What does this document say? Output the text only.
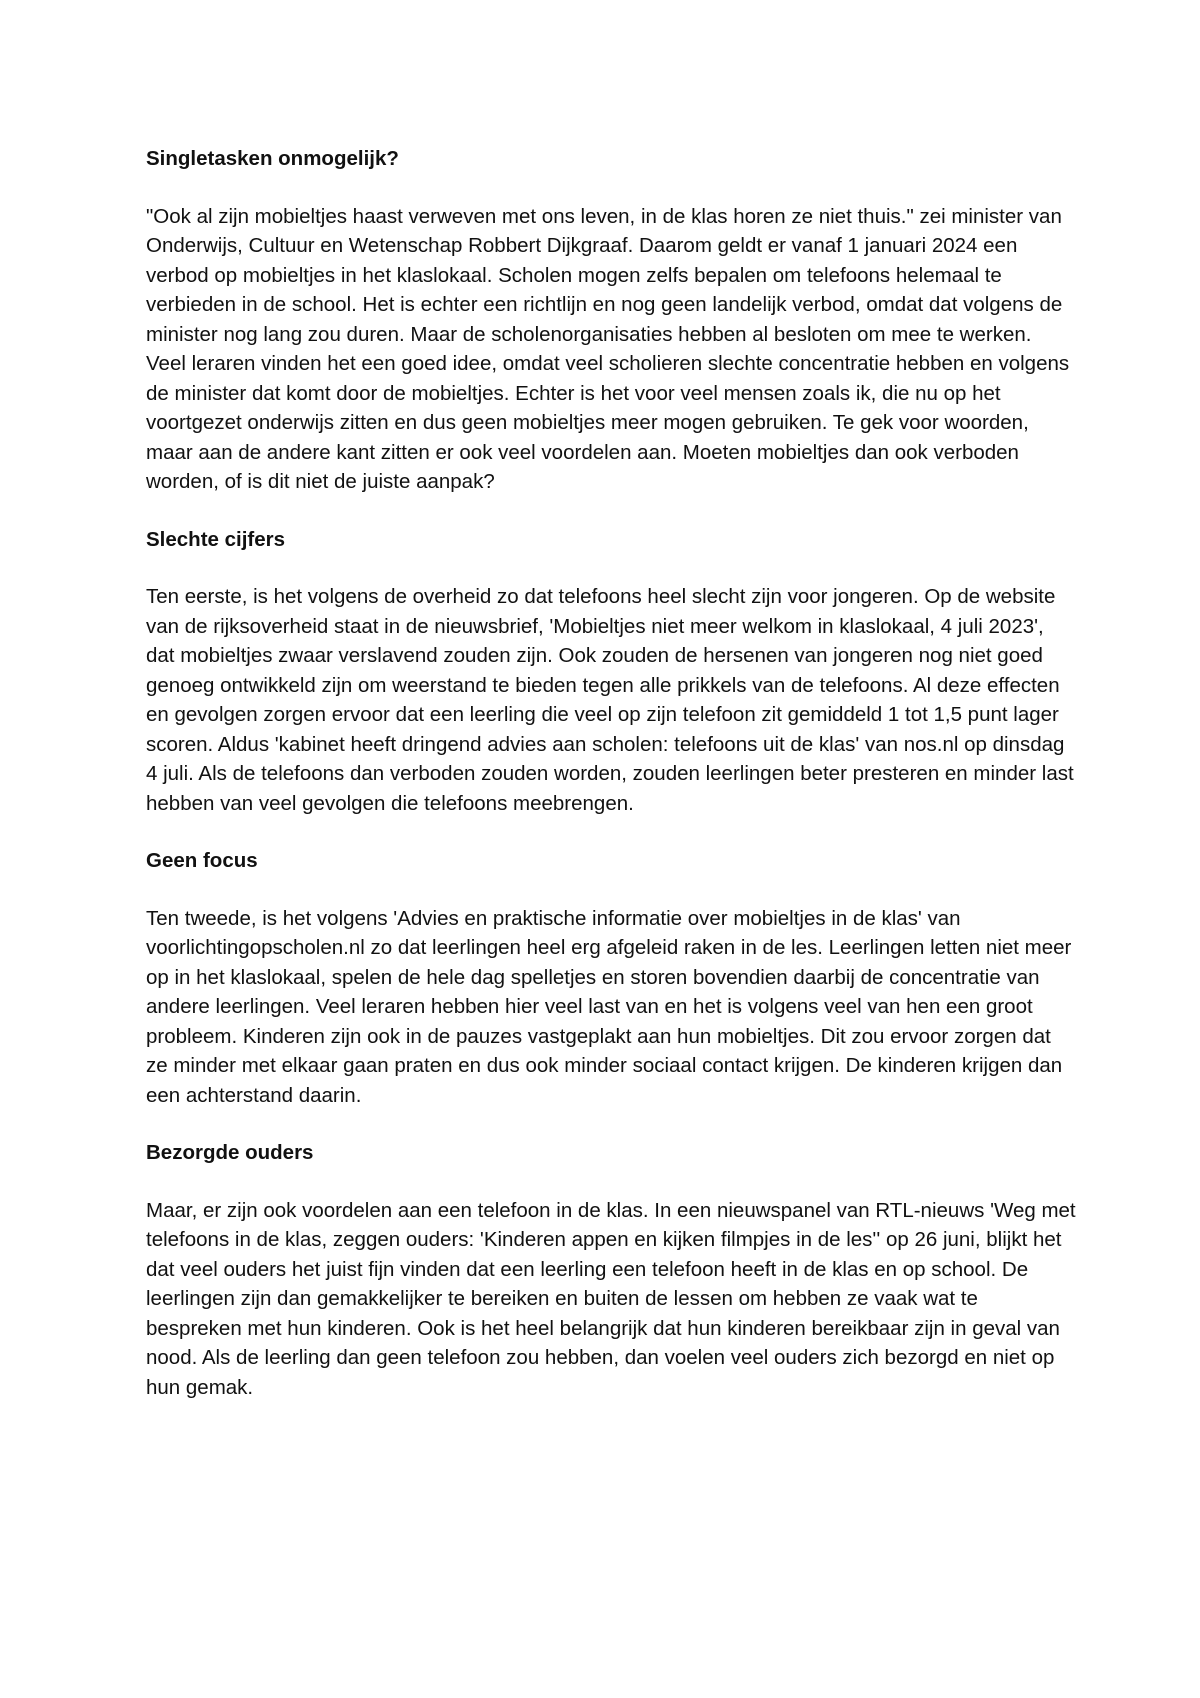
Singletasken onmogelijk?
"Ook al zijn mobieltjes haast verweven met ons leven, in de klas horen ze niet thuis." zei minister van Onderwijs, Cultuur en Wetenschap Robbert Dijkgraaf. Daarom geldt er vanaf 1 januari 2024 een verbod op mobieltjes in het klaslokaal. Scholen mogen zelfs bepalen om telefoons helemaal te verbieden in de school. Het is echter een richtlijn en nog geen landelijk verbod, omdat dat volgens de minister nog lang zou duren. Maar de scholenorganisaties hebben al besloten om mee te werken. Veel leraren vinden het een goed idee, omdat veel scholieren slechte concentratie hebben en volgens de minister dat komt door de mobieltjes. Echter is het voor veel mensen zoals ik, die nu op het voortgezet onderwijs zitten en dus geen mobieltjes meer mogen gebruiken. Te gek voor woorden, maar aan de andere kant zitten er ook veel voordelen aan. Moeten mobieltjes dan ook verboden worden, of is dit niet de juiste aanpak?
Slechte cijfers
Ten eerste, is het volgens de overheid zo dat telefoons heel slecht zijn voor jongeren. Op de website van de rijksoverheid staat in de nieuwsbrief, 'Mobieltjes niet meer welkom in klaslokaal, 4 juli 2023', dat mobieltjes zwaar verslavend zouden zijn. Ook zouden de hersenen van jongeren nog niet goed genoeg ontwikkeld zijn om weerstand te bieden tegen alle prikkels van de telefoons. Al deze effecten en gevolgen zorgen ervoor dat een leerling die veel op zijn telefoon zit gemiddeld 1 tot 1,5 punt lager scoren. Aldus 'kabinet heeft dringend advies aan scholen: telefoons uit de klas' van nos.nl op dinsdag 4 juli. Als de telefoons dan verboden zouden worden, zouden leerlingen beter presteren en minder last hebben van veel gevolgen die telefoons meebrengen.
Geen focus
Ten tweede, is het volgens 'Advies en praktische informatie over mobieltjes in de klas' van voorlichtingopscholen.nl zo dat leerlingen heel erg afgeleid raken in de les. Leerlingen letten niet meer op in het klaslokaal, spelen de hele dag spelletjes en storen bovendien daarbij de concentratie van andere leerlingen. Veel leraren hebben hier veel last van en het is volgens veel van hen een groot probleem. Kinderen zijn ook in de pauzes vastgeplakt aan hun mobieltjes. Dit zou ervoor zorgen dat ze minder met elkaar gaan praten en dus ook minder sociaal contact krijgen. De kinderen krijgen dan een achterstand daarin.
Bezorgde ouders
Maar, er zijn ook voordelen aan een telefoon in de klas. In een nieuwspanel van RTL-nieuws 'Weg met telefoons in de klas, zeggen ouders: 'Kinderen appen en kijken filmpjes in de les'' op 26 juni, blijkt het dat veel ouders het juist fijn vinden dat een leerling een telefoon heeft in de klas en op school. De leerlingen zijn dan gemakkelijker te bereiken en buiten de lessen om hebben ze vaak wat te bespreken met hun kinderen. Ook is het heel belangrijk dat hun kinderen bereikbaar zijn in geval van nood. Als de leerling dan geen telefoon zou hebben, dan voelen veel ouders zich bezorgd en niet op hun gemak.
